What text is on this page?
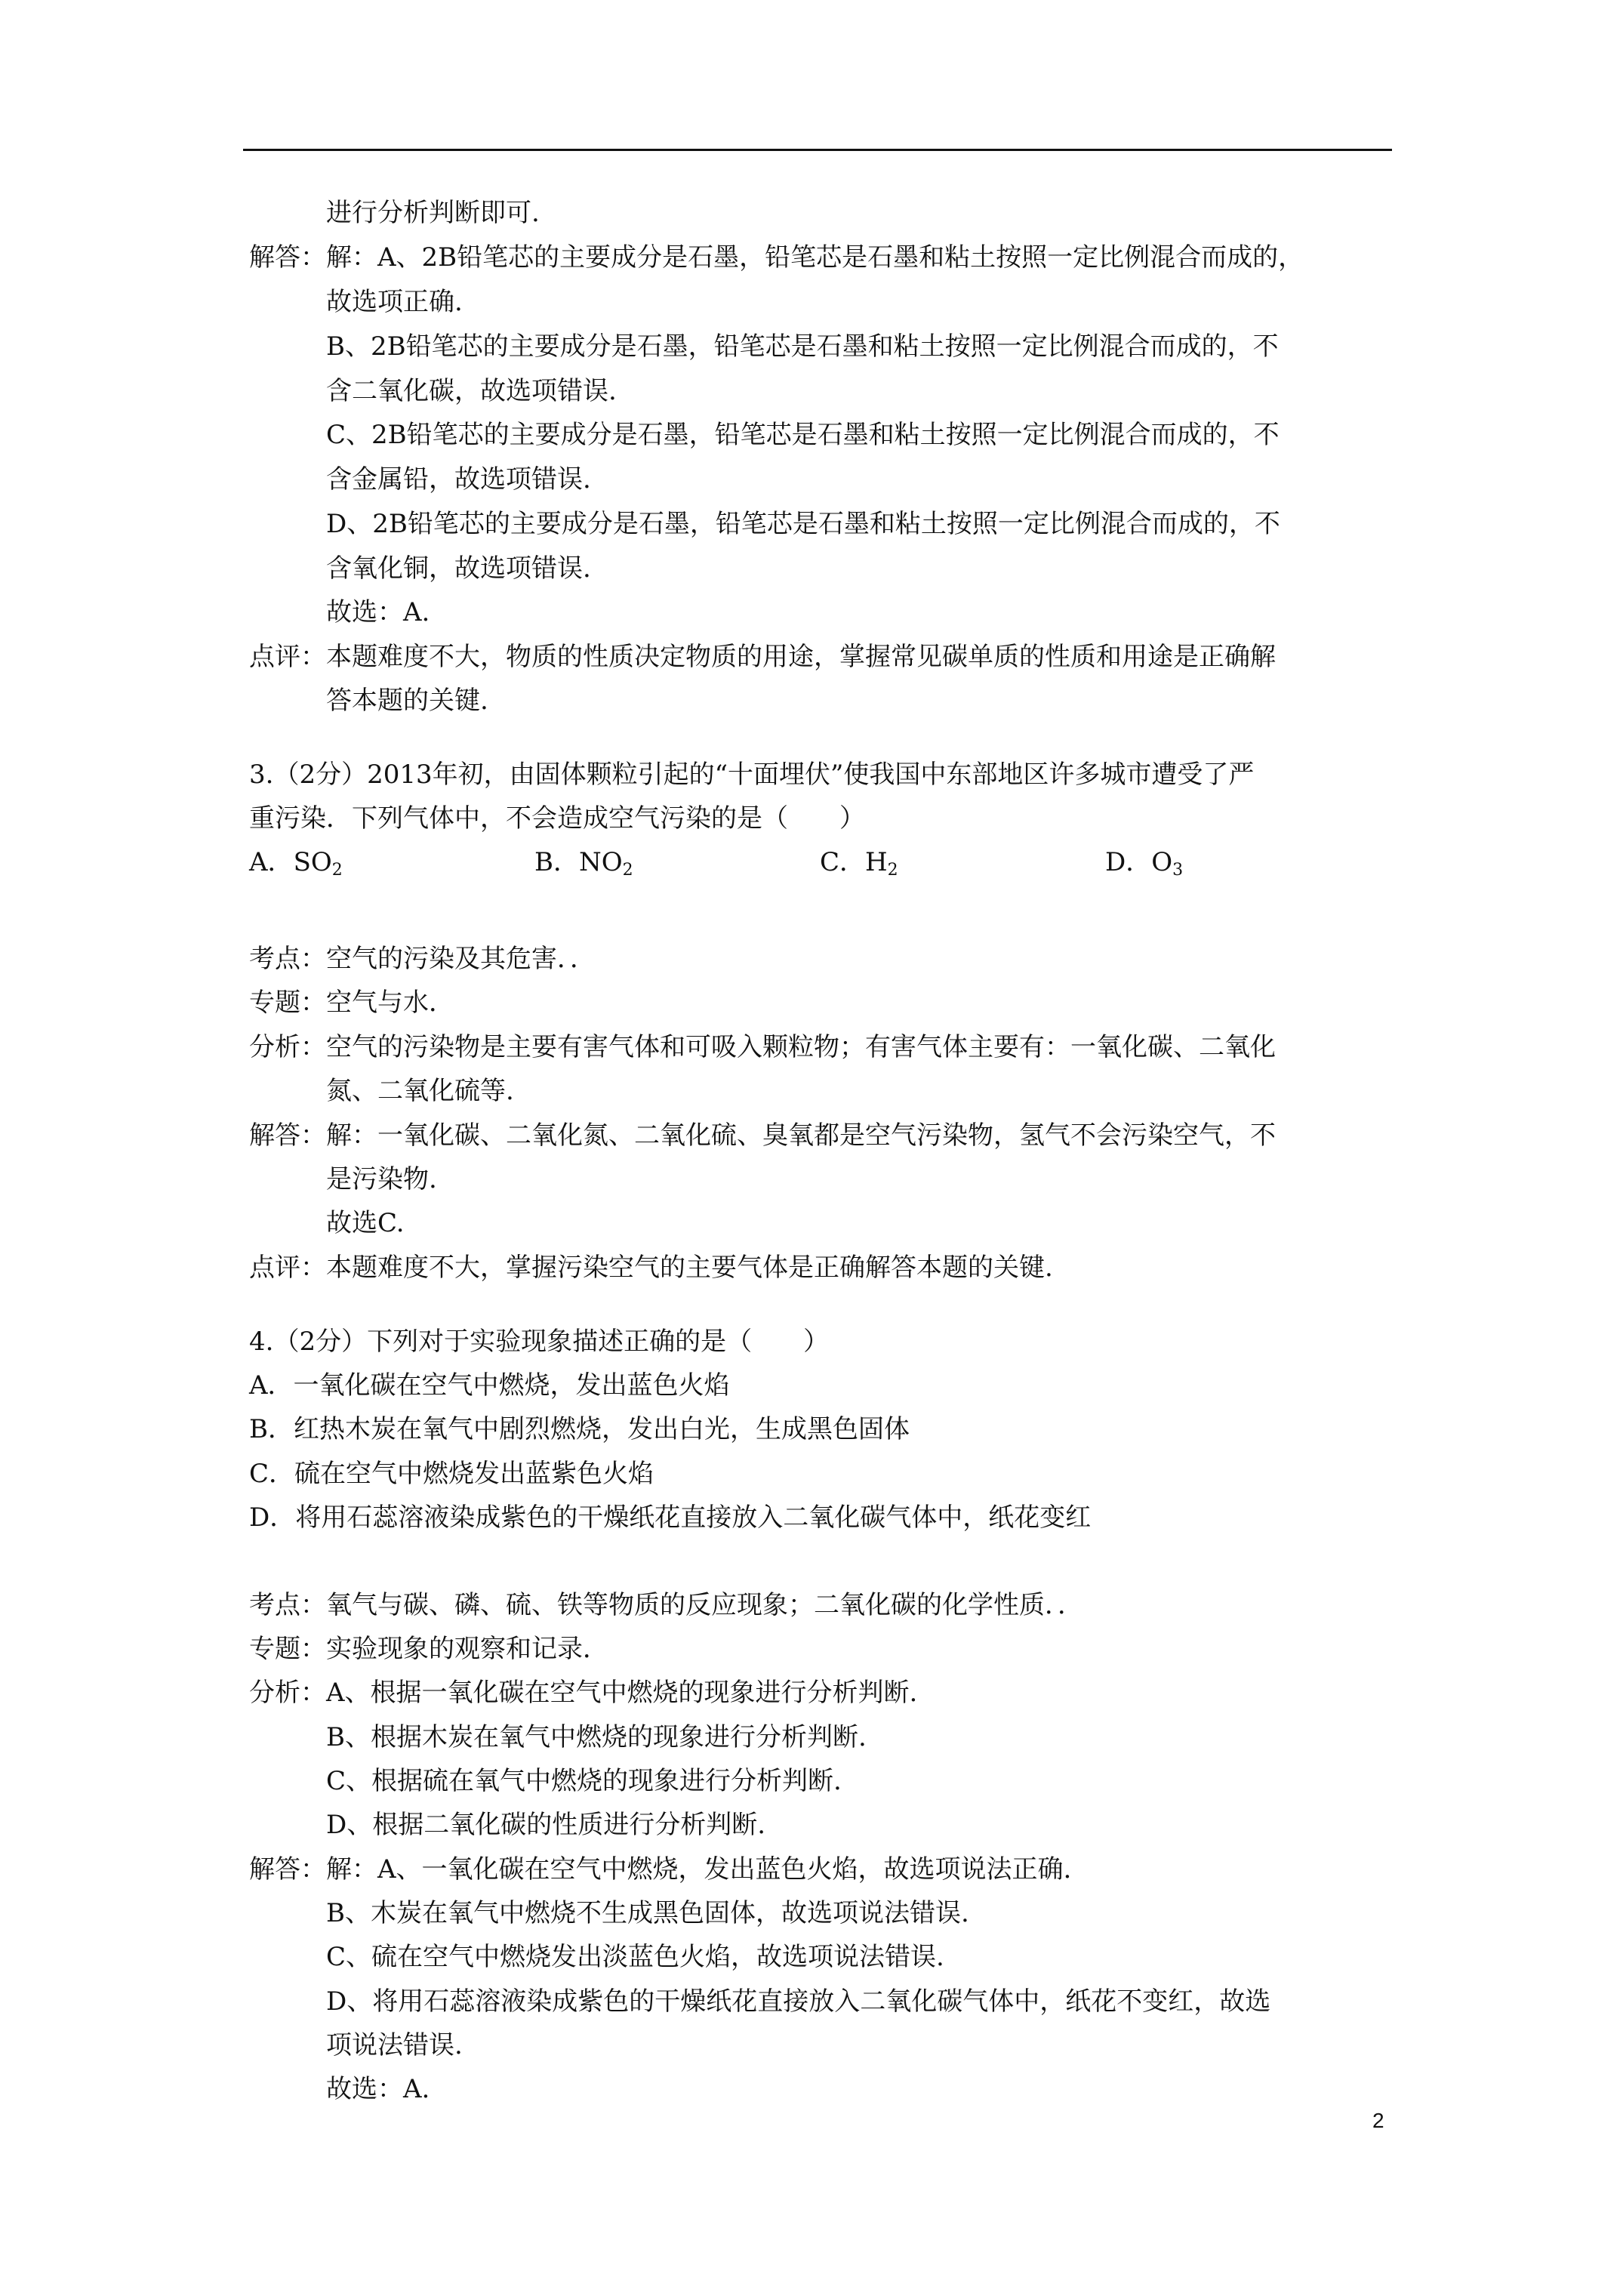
进行分析判断即可.
解答：解：A、2B铅笔芯的主要成分是石墨，铅笔芯是石墨和粘土按照一定比例混合而成的，
故选项正确.
B、2B铅笔芯的主要成分是石墨，铅笔芯是石墨和粘土按照一定比例混合而成的，不
含二氧化碳，故选项错误.
C、2B铅笔芯的主要成分是石墨，铅笔芯是石墨和粘土按照一定比例混合而成的，不
含金属铅，故选项错误.
D、2B铅笔芯的主要成分是石墨，铅笔芯是石墨和粘土按照一定比例混合而成的，不
含氧化铜，故选项错误.
故选：A.
点评：本题难度不大，物质的性质决定物质的用途，掌握常见碳单质的性质和用途是正确解
答本题的关键.
3.（2分）2013年初，由固体颗粒引起的“十面埋伏”使我国中东部地区许多城市遭受了严
重污染．下列气体中，不会造成空气污染的是（　　）
A．$SO_2$	B．$NO_2$	C．$H_2$	D．$O_3$
考点：空气的污染及其危害．．
专题：空气与水．
分析：空气的污染物是主要有害气体和可吸入颗粒物；有害气体主要有：一氧化碳、二氧化
氮、二氧化硫等.
解答：解：一氧化碳、二氧化氮、二氧化硫、臭氧都是空气污染物，氢气不会污染空气，不
是污染物.
故选C.
点评：本题难度不大，掌握污染空气的主要气体是正确解答本题的关键.
4.（2分）下列对于实验现象描述正确的是（　　）
A．一氧化碳在空气中燃烧，发出蓝色火焰
B．红热木炭在氧气中剧烈燃烧，发出白光，生成黑色固体
C．硫在空气中燃烧发出蓝紫色火焰
D．将用石蕊溶液染成紫色的干燥纸花直接放入二氧化碳气体中，纸花变红
考点：氧气与碳、磷、硫、铁等物质的反应现象；二氧化碳的化学性质．．
专题：实验现象的观察和记录．
分析：A、根据一氧化碳在空气中燃烧的现象进行分析判断.
B、根据木炭在氧气中燃烧的现象进行分析判断.
C、根据硫在氧气中燃烧的现象进行分析判断.
D、根据二氧化碳的性质进行分析判断.
解答：解：A、一氧化碳在空气中燃烧，发出蓝色火焰，故选项说法正确.
B、木炭在氧气中燃烧不生成黑色固体，故选项说法错误.
C、硫在空气中燃烧发出淡蓝色火焰，故选项说法错误.
D、将用石蕊溶液染成紫色的干燥纸花直接放入二氧化碳气体中，纸花不变红，故选
项说法错误.
故选：A.
2
